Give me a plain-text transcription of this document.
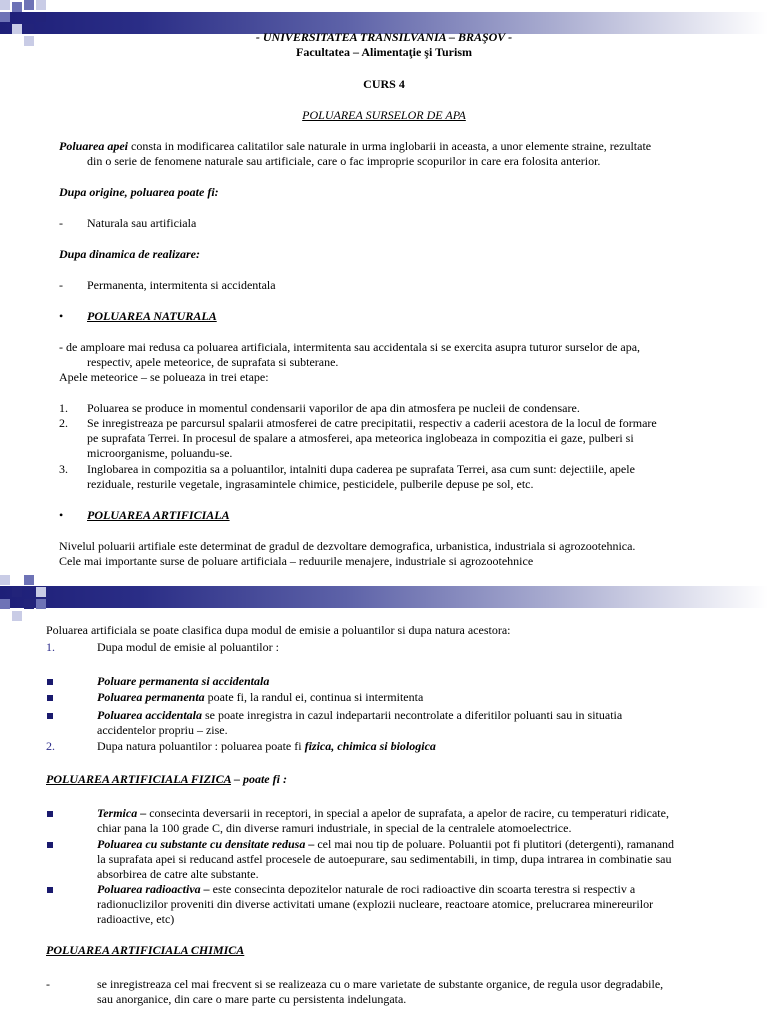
- UNIVERSITATEA TRANSILVANIA – BRAŞOV -
Facultatea – Alimentaţie şi Turism
CURS 4
POLUAREA SURSELOR DE APA
Poluarea apei consta in modificarea calitatilor sale naturale in urma inglobarii in aceasta, a unor elemente straine, rezultate
din o serie de fenomene naturale sau artificiale, care o fac improprie scopurilor in care era folosita anterior.
Dupa origine, poluarea poate fi:
- Naturala sau artificiala
Dupa dinamica de realizare:
- Permanenta, intermitenta si accidentala
• POLUAREA NATURALA
- de amploare mai redusa ca poluarea artificiala, intermitenta sau accidentala si se exercita asupra tuturor surselor de apa,
respectiv, apele meteorice, de suprafata si subterane.
Apele meteorice – se polueaza in trei etape:
1. Poluarea se produce in momentul condensarii vaporilor de apa din atmosfera pe nucleii de condensare.
2. Se inregistreaza pe parcursul spalarii atmosferei de catre precipitatii, respectiv a caderii acestora de la locul de formare
pe suprafata Terrei. In procesul de spalare a atmosferei, apa meteorica inglobeaza in compozitia ei gaze, pulberi si
microorganisme, poluandu-se.
3. Inglobarea in compozitia sa a poluantilor, intalniti dupa caderea pe suprafata Terrei, asa cum sunt: dejectiile, apele
reziduale, resturile vegetale, ingrasamintele chimice, pesticidele, pulberile depuse pe sol, etc.
• POLUAREA ARTIFICIALA
Nivelul poluarii artifiale este determinat de gradul de dezvoltare demografica, urbanistica, industriala si agrozootehnica.
Cele mai importante surse de poluare artificiala – reduurile menajere, industriale si agrozootehnice
Poluarea artificiala se poate clasifica dupa modul de emisie a poluantilor si dupa natura acestora:
1.	Dupa modul de emisie al poluantilor :
Poluare permanenta si accidentala
Poluarea permanenta poate fi, la randul ei, continua si intermitenta
Poluarea accidentala se poate inregistra in cazul indepartarii necontrolate a diferitilor poluanti sau in situatia
accidentelor propriu – zise.
2.	Dupa natura poluantilor : poluarea poate fi fizica, chimica si biologica
POLUAREA ARTIFICIALA FIZICA – poate fi :
Termica – consecinta deversarii in receptori, in special a apelor de suprafata, a apelor de racire, cu temperaturi ridicate,
chiar pana la 100 grade C, din diverse ramuri industriale, in special de la centralele atomoelectrice.
Poluarea cu substante cu densitate redusa – cel mai nou tip de poluare. Poluantii pot fi plutitori (detergenti), ramanand
la suprafata apei si reducand astfel procesele de autoepurare, sau sedimentabili, in timp, dupa intrarea in combinatie sau
absorbirea de catre alte substante.
Poluarea radioactiva – este consecinta depozitelor naturale de roci radioactive din scoarta terestra si respectiv a
radionuclizilor proveniti din diverse activitati umane (explozii nucleare, reactoare atomice, prelucrarea minereurilor
radioactive, etc)
POLUAREA ARTIFICIALA CHIMICA
-	se inregistreaza cel mai frecvent si se realizeaza cu o mare varietate de substante organice, de regula usor degradabile,
sau anorganice, din care o mare parte cu persistenta indelungata.
